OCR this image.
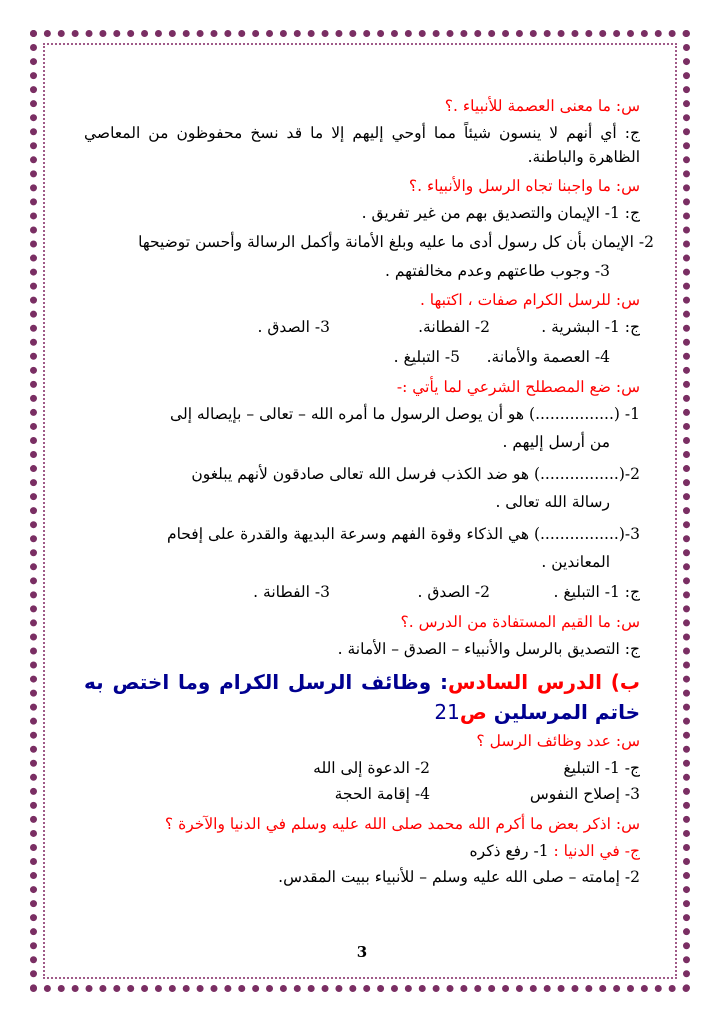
س: ما معنى العصمة للأنبياء .؟
ج: أي أنهم لا ينسون شيئاً مما أوحي إليهم إلا ما قد نسخ محفوظون من المعاصي الظاهرة والباطنة.
س: ما واجبنا تجاه الرسل والأنبياء .؟
ج: 1- الإيمان والتصديق بهم من غير تفريق .
2- الإيمان بأن كل رسول أدى ما عليه وبلغ الأمانة وأكمل الرسالة وأحسن توضيحها
3- وجوب طاعتهم وعدم مخالفتهم .
س: للرسل الكرام صفات ، اكتبها .
ج: 1- البشرية .
2- الفطانة.
3- الصدق .
4- العصمة والأمانة.
5- التبليغ .
س: ضع المصطلح الشرعي لما يأتي :-
1- (................) هو أن يوصل الرسول ما أمره الله – تعالى – بإيصاله إلى
من أرسل إليهم .
2-(................) هو ضد الكذب فرسل الله تعالى صادقون لأنهم يبلغون
رسالة الله تعالى .
3-(................) هي الذكاء وقوة الفهم وسرعة البديهة والقدرة على إفحام
المعاندين .
ج: 1- التبليغ .
2- الصدق .
3- الفطانة .
س: ما القيم المستفادة من الدرس .؟
ج: التصديق بالرسل والأنبياء – الصدق – الأمانة .
ب) الدرس السادس: وظائف الرسل الكرام وما اختص به خاتم المرسلين ص21
س: عدد وظائف الرسل ؟
ج- 1- التبليغ
2- الدعوة إلى الله
3- إصلاح النفوس
4- إقامة الحجة
س: اذكر بعض ما أكرم الله محمد صلى الله عليه وسلم في الدنيا والآخرة ؟
ج- في الدنيا : 1- رفع ذكره
2- إمامته – صلى الله عليه وسلم – للأنبياء ببيت المقدس.
3
